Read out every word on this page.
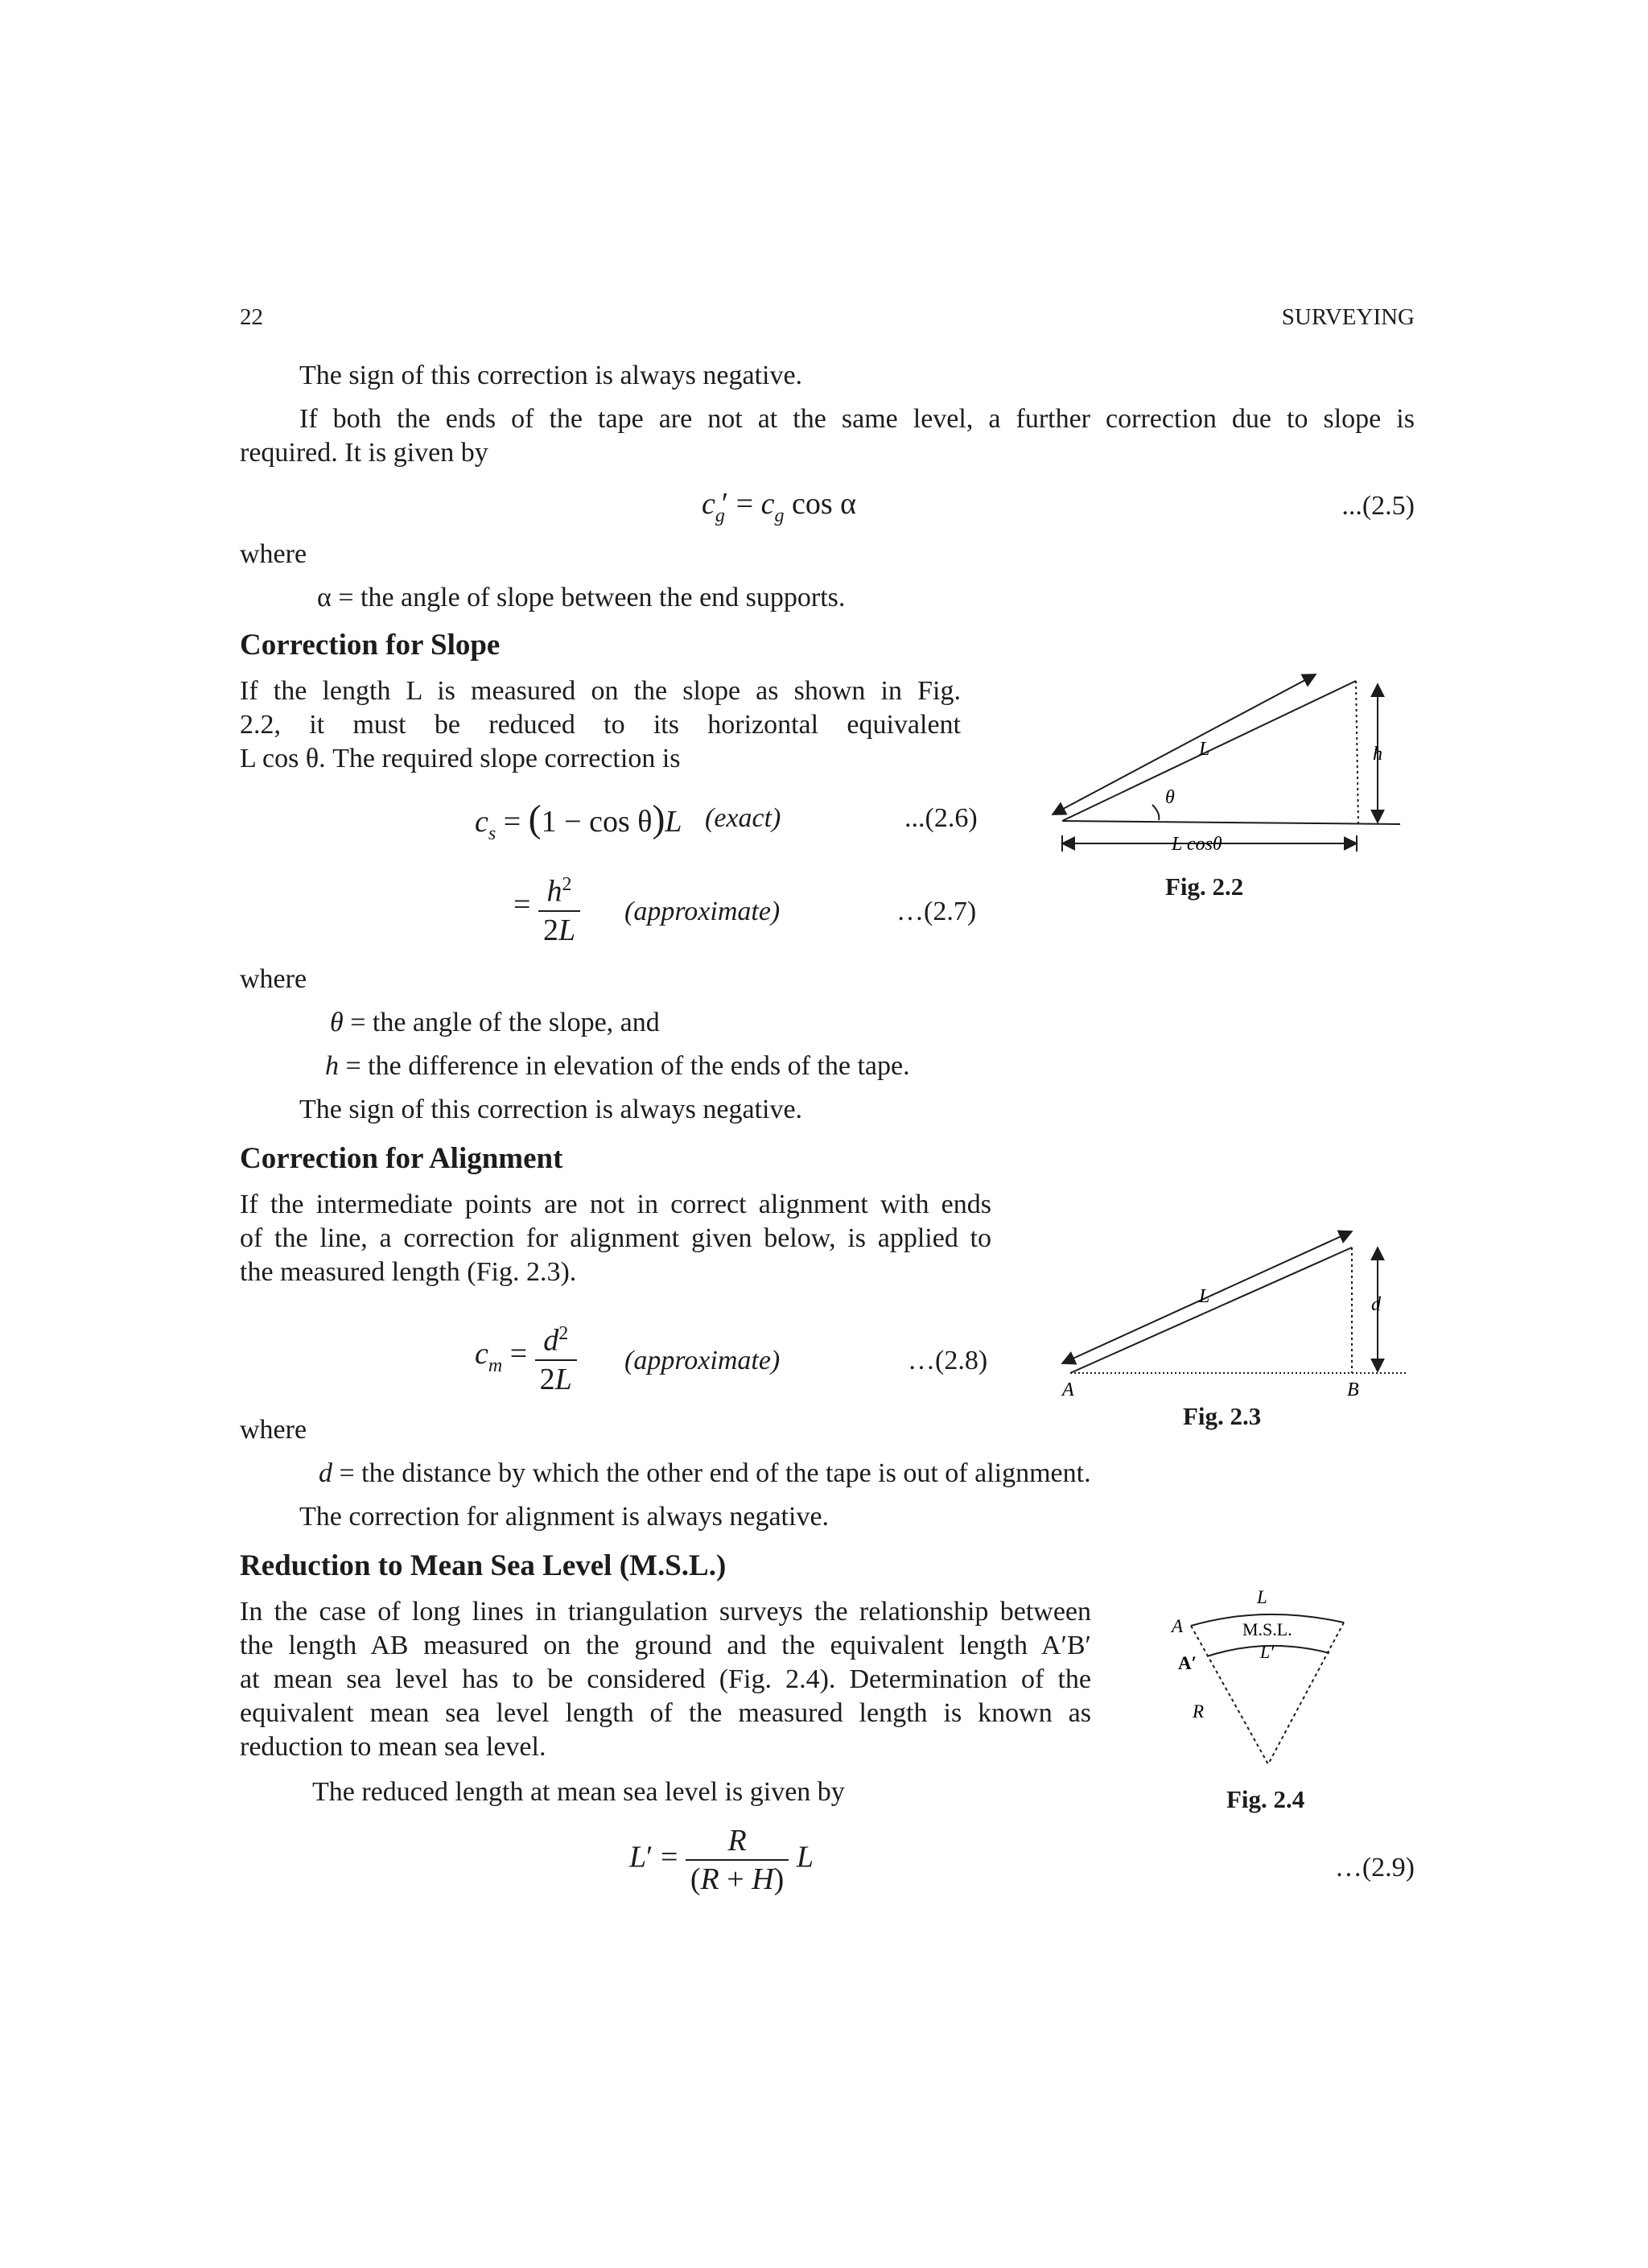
22	SURVEYING
The sign of this correction is always negative.
If both the ends of the tape are not at the same level, a further correction due to slope is
required. It is given by
$c_g' = c_g$ cos α	...(2.5)
where
α = the angle of slope between the end supports.
Correction for Slope
If the length L is measured on the slope as shown in Fig.
2.2, it must be reduced to its horizontal equivalent
L cos θ. The required slope correction is
$c_s = (1 - \cos \theta)L$ (exact)	...(2.6)
= $\frac{h^2}{2L}$ (approximate)	…(2.7)
where
θ = the angle of the slope, and
h = the difference in elevation of the ends of the tape.
The sign of this correction is always negative.
L	h
θ
L cosθ
Fig. 2.2
Correction for Alignment
If the intermediate points are not in correct alignment with ends
of the line, a correction for alignment given below, is applied to
the measured length (Fig. 2.3).
$c_m = \frac{d^2}{2L}$ (approximate)	…(2.8)
where
d = the distance by which the other end of the tape is out of alignment.
The correction for alignment is always negative.
L	d
A	B
Fig. 2.3
Reduction to Mean Sea Level (M.S.L.)
In the case of long lines in triangulation surveys the relationship between
the length AB measured on the ground and the equivalent length A′B′
at mean sea level has to be considered (Fig. 2.4). Determination of the
equivalent mean sea level length of the measured length is known as
reduction to mean sea level.
The reduced length at mean sea level is given by
$L' = \frac{R}{(R + H)}$ L	…(2.9)
L
M.S.L.
L′
A
A′
R
Fig. 2.4
